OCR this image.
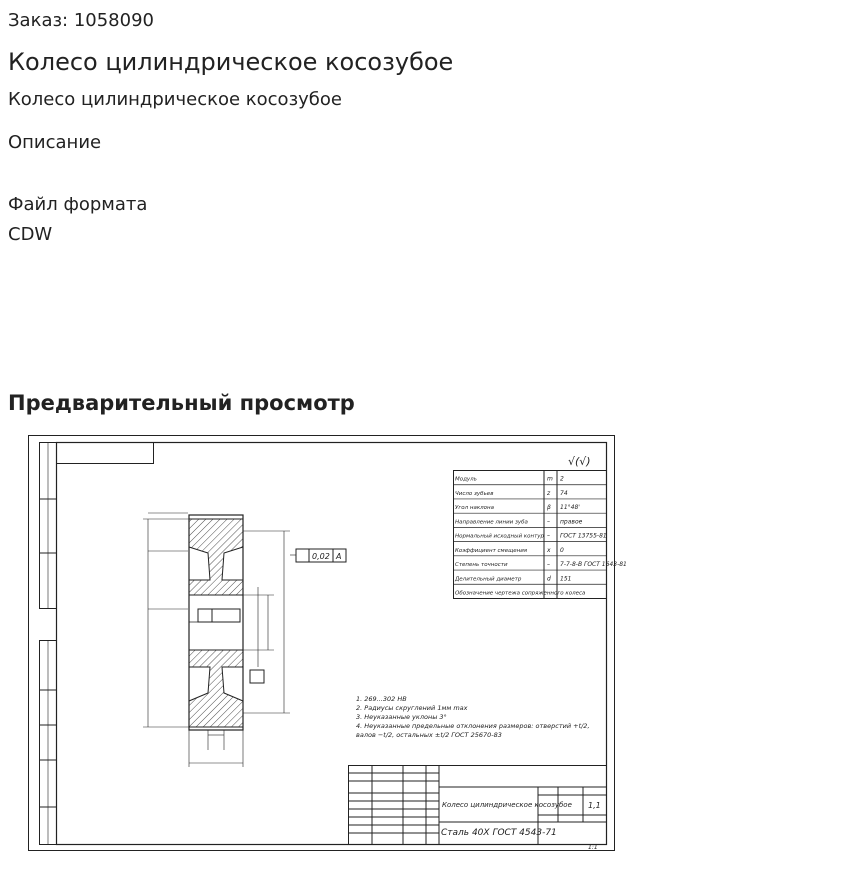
Заказ: 1058090
Колесо цилиндрическое косозубое
Колесо цилиндрическое косозубое
Описание
Файл формата
CDW
Предварительный просмотр
√(√)
Модуль	m 2
Число зубьев	z 74
Угол наклона	β 11°48'
Направление линии зуба	– правое
Нормальный исходный контур – ГОСТ 13755-81
Коэффициент смещения	x 0
Степень точности	– 7-7-8-В ГОСТ 1643-81
Делительный диаметр	d 151
Обозначение чертежа сопряженного колеса
0,02 А
1. 269...302 НВ
2. Радиусы скруглений 1мм max
3. Неуказанные уклоны 3°
4. Неуказанные предельные отклонения размеров: отверстий +t/2,
валов −t/2, остальных ±t/2 ГОСТ 25670-83
Колесо цилиндрическое косозубое
Сталь 40Х ГОСТ 4543-71
1,1
1:1
